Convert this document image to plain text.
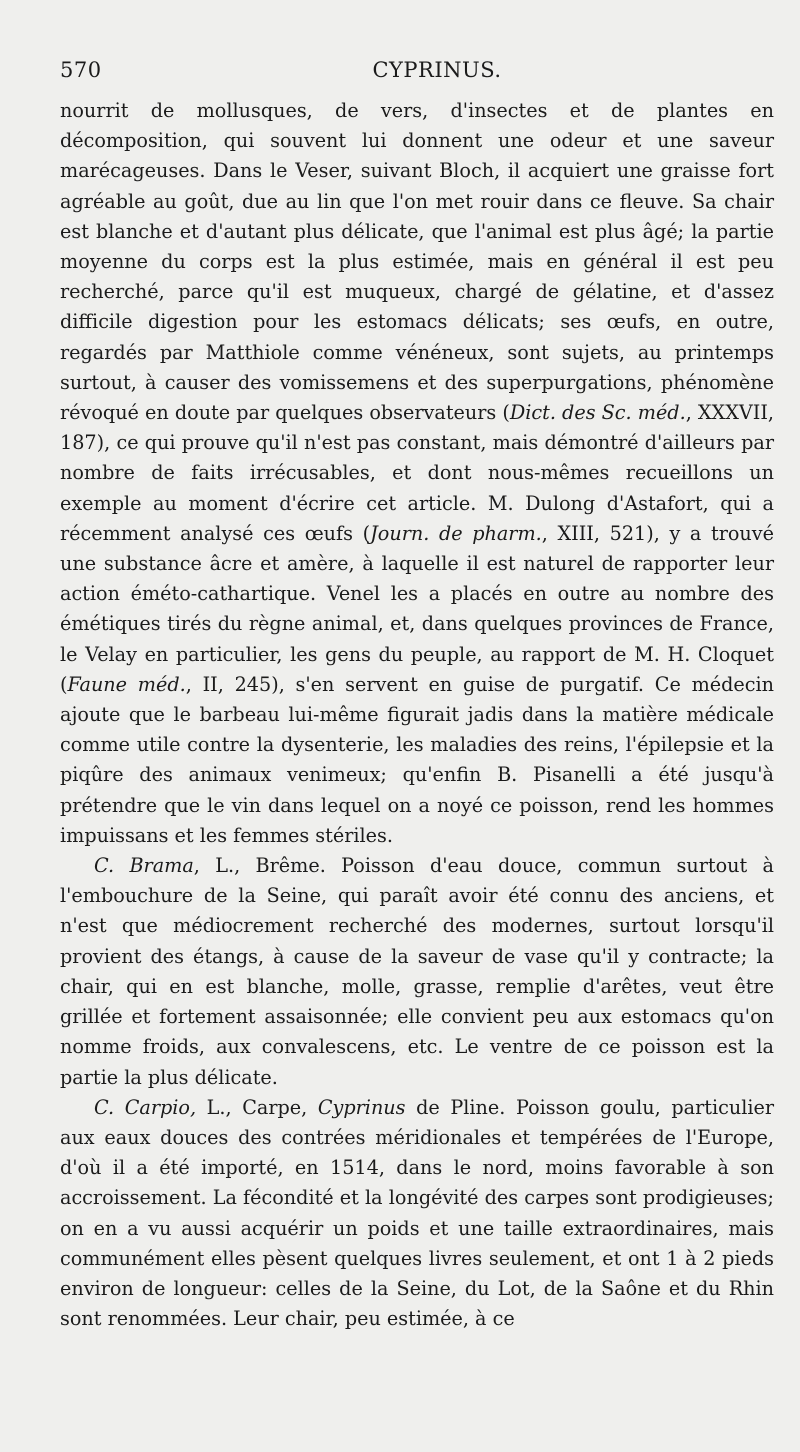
570	CYPRINUS.

nourrit de mollusques, de vers, d'insectes et de plantes en décomposition, qui souvent lui donnent une odeur et une saveur marécageuses. Dans le Veser, suivant Bloch, il acquiert une graisse fort agréable au goût, due au lin que l'on met rouir dans ce fleuve. Sa chair est blanche et d'autant plus délicate, que l'animal est plus âgé; la partie moyenne du corps est la plus estimée, mais en général il est peu recherché, parce qu'il est muqueux, chargé de gélatine, et d'assez difficile digestion pour les estomacs délicats; ses œufs, en outre, regardés par Matthiole comme vénéneux, sont sujets, au printemps surtout, à causer des vomissemens et des superpurgations, phénomène révoqué en doute par quelques observateurs (Dict. des Sc. méd., XXXVII, 187), ce qui prouve qu'il n'est pas constant, mais démontré d'ailleurs par nombre de faits irrécusables, et dont nous-mêmes recueillons un exemple au moment d'écrire cet article. M. Dulong d'Astafort, qui a récemment analysé ces œufs (Journ. de pharm., XIII, 521), y a trouvé une substance âcre et amère, à laquelle il est naturel de rapporter leur action éméto-cathartique. Venel les a placés en outre au nombre des émétiques tirés du règne animal, et, dans quelques provinces de France, le Velay en particulier, les gens du peuple, au rapport de M. H. Cloquet (Faune méd., II, 245), s'en servent en guise de purgatif. Ce médecin ajoute que le barbeau lui-même figurait jadis dans la matière médicale comme utile contre la dysenterie, les maladies des reins, l'épilepsie et la piqûre des animaux venimeux; qu'enfin B. Pisanelli a été jusqu'à prétendre que le vin dans lequel on a noyé ce poisson, rend les hommes impuissans et les femmes stériles.

C. Brama, L., Brême. Poisson d'eau douce, commun surtout à l'embouchure de la Seine, qui paraît avoir été connu des anciens, et n'est que médiocrement recherché des modernes, surtout lorsqu'il provient des étangs, à cause de la saveur de vase qu'il y contracte; la chair, qui en est blanche, molle, grasse, remplie d'arêtes, veut être grillée et fortement assaisonnée; elle convient peu aux estomacs qu'on nomme froids, aux convalescens, etc. Le ventre de ce poisson est la partie la plus délicate.

C. Carpio, L., Carpe, Cyprinus de Pline. Poisson goulu, particulier aux eaux douces des contrées méridionales et tempérées de l'Europe, d'où il a été importé, en 1514, dans le nord, moins favorable à son accroissement. La fécondité et la longévité des carpes sont prodigieuses; on en a vu aussi acquérir un poids et une taille extraordinaires, mais communément elles pèsent quelques livres seulement, et ont 1 à 2 pieds environ de longueur: celles de la Seine, du Lot, de la Saône et du Rhin sont renommées. Leur chair, peu estimée, à ce
